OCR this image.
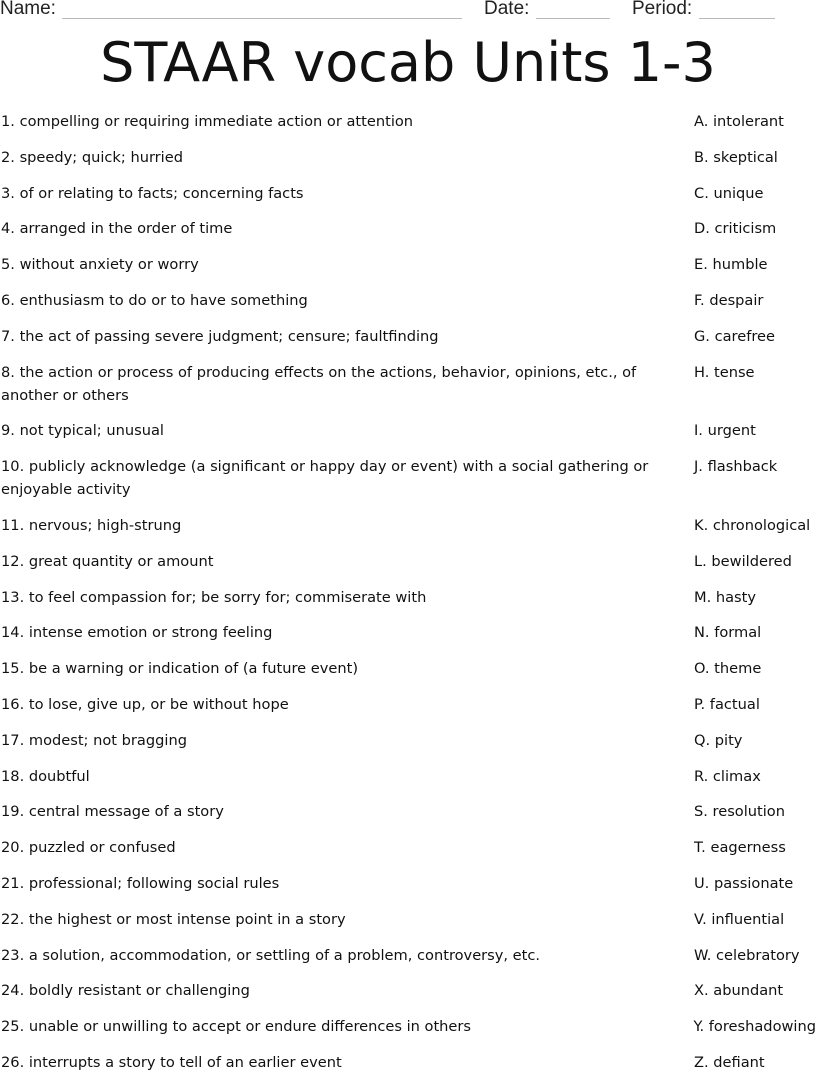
Name:	Date:	Period:
STAAR vocab Units 1-3
1. compelling or requiring immediate action or attention	A. intolerant
2. speedy; quick; hurried	B. skeptical
3. of or relating to facts; concerning facts	C. unique
4. arranged in the order of time	D. criticism
5. without anxiety or worry	E. humble
6. enthusiasm to do or to have something	F. despair
7. the act of passing severe judgment; censure; faultfinding	G. carefree
8. the action or process of producing effects on the actions, behavior, opinions, etc., of another or others
H. tense
9. not typical; unusual	I. urgent
10. publicly acknowledge (a significant or happy day or event) with a social gathering or enjoyable activity
J. flashback
11. nervous; high-strung	K. chronological
12. great quantity or amount	L. bewildered
13. to feel compassion for; be sorry for; commiserate with	M. hasty
14. intense emotion or strong feeling	N. formal
15. be a warning or indication of (a future event)	O. theme
16. to lose, give up, or be without hope	P. factual
17. modest; not bragging	Q. pity
18. doubtful	R. climax
19. central message of a story	S. resolution
20. puzzled or confused	T. eagerness
21. professional; following social rules	U. passionate
22. the highest or most intense point in a story	V. influential
23. a solution, accommodation, or settling of a problem, controversy, etc.	W. celebratory
24. boldly resistant or challenging	X. abundant
25. unable or unwilling to accept or endure differences in others	Y. foreshadowing
26. interrupts a story to tell of an earlier event	Z. defiant
